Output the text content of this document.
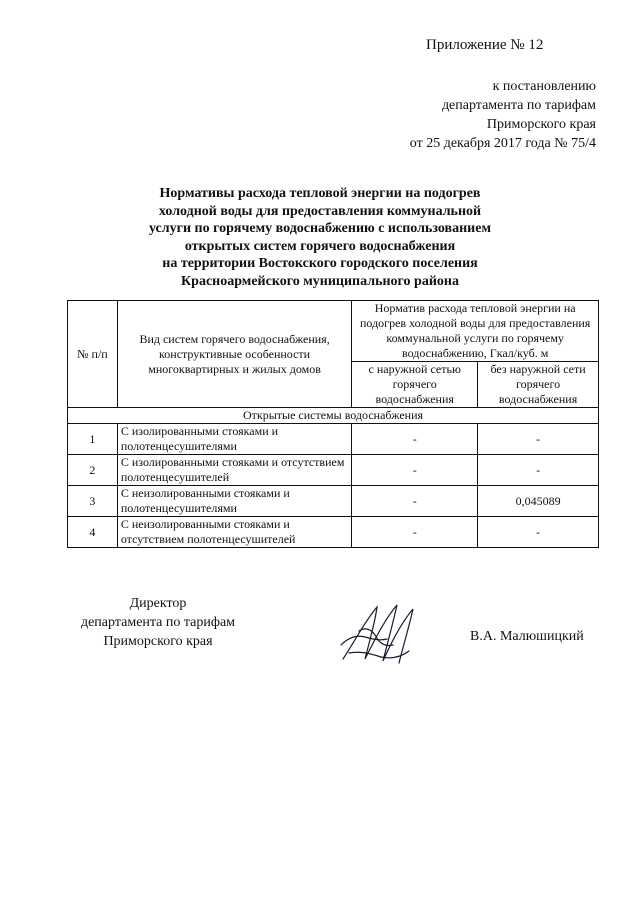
Приложение № 12
к постановлению
департамента по тарифам
Приморского края
от 25 декабря 2017 года № 75/4
Нормативы расхода тепловой энергии на подогрев
холодной воды для предоставления коммунальной
услуги по горячему водоснабжению с использованием
открытых систем горячего водоснабжения
на территории Востокского городского поселения
Красноармейского муниципального района
№ п/п	Вид систем горячего водоснабжения, конструктивные особенности многоквартирных и жилых домов	Норматив расхода тепловой энергии на подогрев холодной воды для предоставления коммунальной услуги по горячему водоснабжению, Гкал/куб. м	
		с наружной сетью горячего водоснабжения	без наружной сети горячего водоснабжения
Открытые системы водоснабжения			
1	С изолированными стояками и полотенцесушителями	-	-
2	С изолированными стояками и отсутствием полотенцесушителей	-	-
3	С неизолированными стояками и полотенцесушителями	-	0,045089
4	С неизолированными стояками и отсутствием полотенцесушителей	-	-
Директор
департамента по тарифам
Приморского края	В.А. Малюшицкий
